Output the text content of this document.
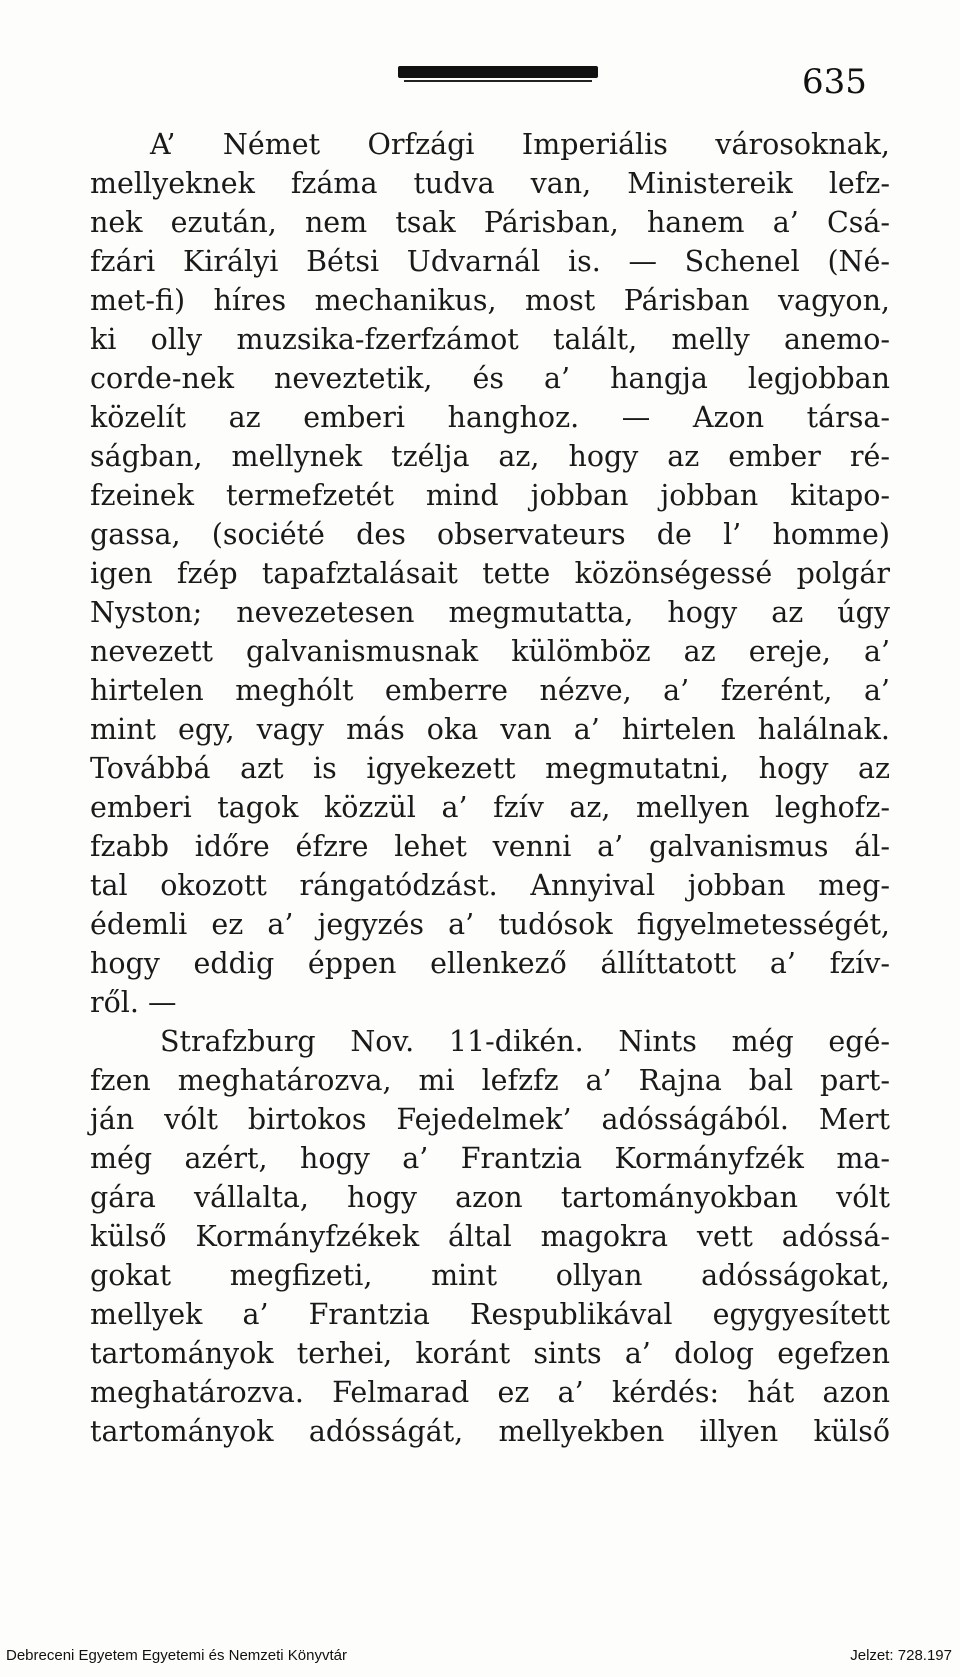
635
A’ Német Orfzági Imperiális városoknak,
mellyeknek fzáma tudva van, Ministereik lefz-
nek ezután, nem tsak Párisban, hanem a’ Csá-
fzári Királyi Bétsi Udvarnál is. — Schenel (Né-
met-fi) híres mechanikus, most Párisban vagyon,
ki olly muzsika-fzerfzámot talált, melly anemo-
corde-nek neveztetik, és a’ hangja legjobban
közelít az emberi hanghoz. — Azon társa-
ságban, mellynek tzélja az, hogy az ember ré-
fzeinek termefzetét mind jobban jobban kitapo-
gassa, (société des observateurs de l’ homme)
igen fzép tapafztalásait tette közönségessé polgár
Nyston; nevezetesen megmutatta, hogy az úgy
nevezett galvanismusnak külömböz az ereje, a’
hirtelen meghólt emberre nézve, a’ fzerént, a’
mint egy, vagy más oka van a’ hirtelen halálnak.
Továbbá azt is igyekezett megmutatni, hogy az
emberi tagok közzül a’ fzív az, mellyen leghofz-
fzabb időre éfzre lehet venni a’ galvanismus ál-
tal okozott rángatódzást. Annyival jobban meg-
édemli ez a’ jegyzés a’ tudósok figyelmetességét,
hogy eddig éppen ellenkező állíttatott a’ fzív-
ről. —
Strafzburg Nov. 11-dikén. Nints még egé-
fzen meghatározva, mi lefzfz a’ Rajna bal part-
ján vólt birtokos Fejedelmek’ adósságából. Mert
még azért, hogy a’ Frantzia Kormányfzék ma-
gára vállalta, hogy azon tartományokban vólt
külső Kormányfzékek által magokra vett adóssá-
gokat megfizeti, mint ollyan adósságokat,
mellyek a’ Frantzia Respublikával egygyesített
tartományok terhei, koránt sints a’ dolog egefzen
meghatározva. Felmarad ez a’ kérdés: hát azon
tartományok adósságát, mellyekben illyen külső
Debreceni Egyetem Egyetemi és Nemzeti Könyvtár	Jelzet: 728.197
